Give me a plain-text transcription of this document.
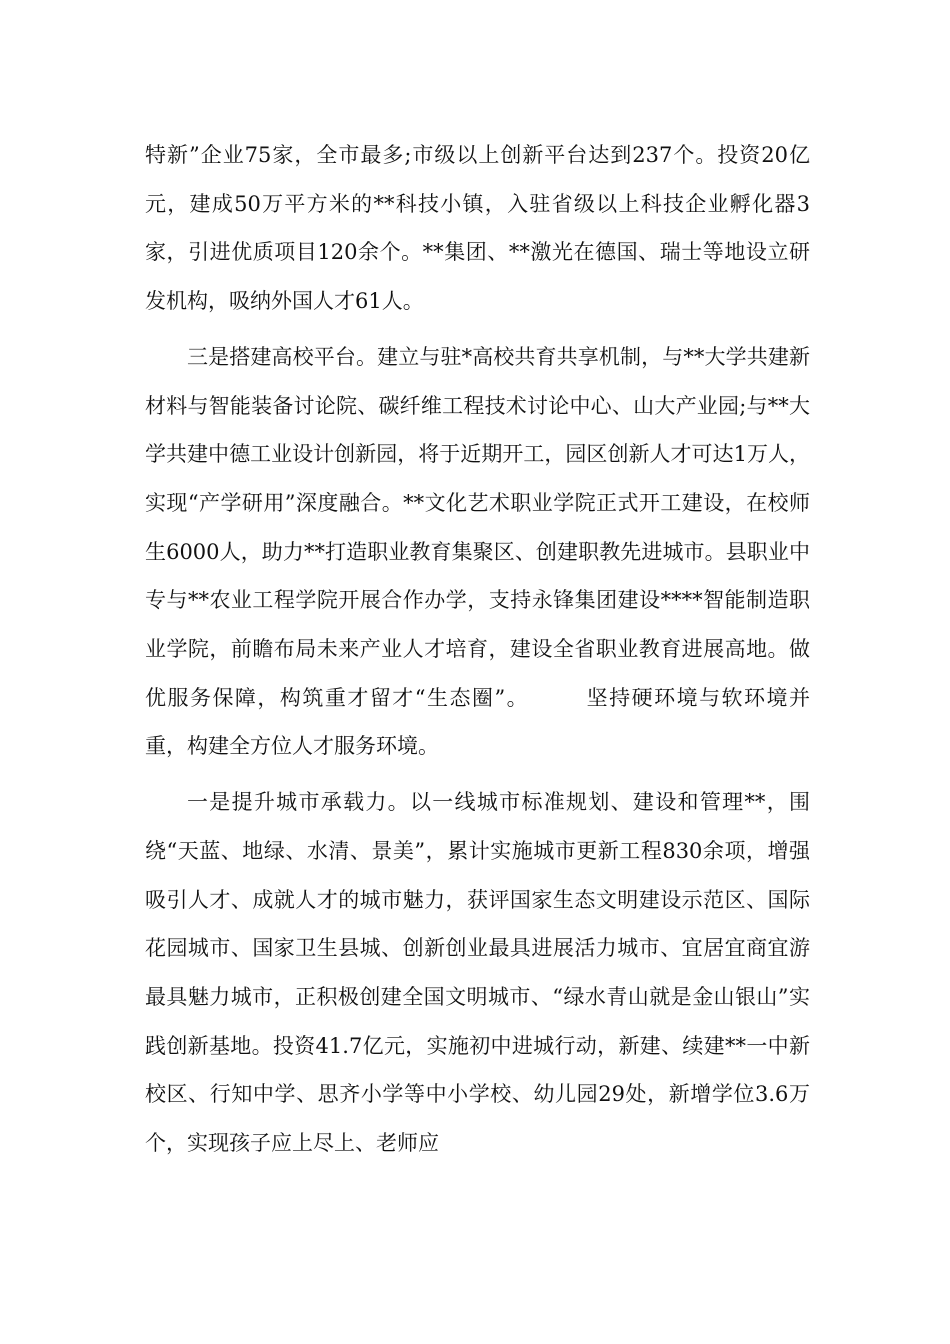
特新”企业75家，全市最多;市级以上创新平台达到237个。投资20亿元，建成50万平方米的**科技小镇，入驻省级以上科技企业孵化器3家，引进优质项目120余个。**集团、**激光在德国、瑞士等地设立研发机构，吸纳外国人才61人。

三是搭建高校平台。建立与驻*高校共育共享机制，与**大学共建新材料与智能装备讨论院、碳纤维工程技术讨论中心、山大产业园;与**大学共建中德工业设计创新园，将于近期开工，园区创新人才可达1万人，实现“产学研用”深度融合。**文化艺术职业学院正式开工建设，在校师生6000人，助力**打造职业教育集聚区、创建职教先进城市。县职业中专与**农业工程学院开展合作办学，支持永锋集团建设****智能制造职业学院，前瞻布局未来产业人才培育，建设全省职业教育进展高地。做优服务保障，构筑重才留才“生态圈”。	坚持硬环境与软环境并重，构建全方位人才服务环境。

一是提升城市承载力。以一线城市标准规划、建设和管理**，围绕“天蓝、地绿、水清、景美”，累计实施城市更新工程830余项，增强吸引人才、成就人才的城市魅力，获评国家生态文明建设示范区、国际花园城市、国家卫生县城、创新创业最具进展活力城市、宜居宜商宜游最具魅力城市，正积极创建全国文明城市、“绿水青山就是金山银山”实践创新基地。投资41.7亿元，实施初中进城行动，新建、续建**一中新校区、行知中学、思齐小学等中小学校、幼儿园29处，新增学位3.6万个，实现孩子应上尽上、老师应
